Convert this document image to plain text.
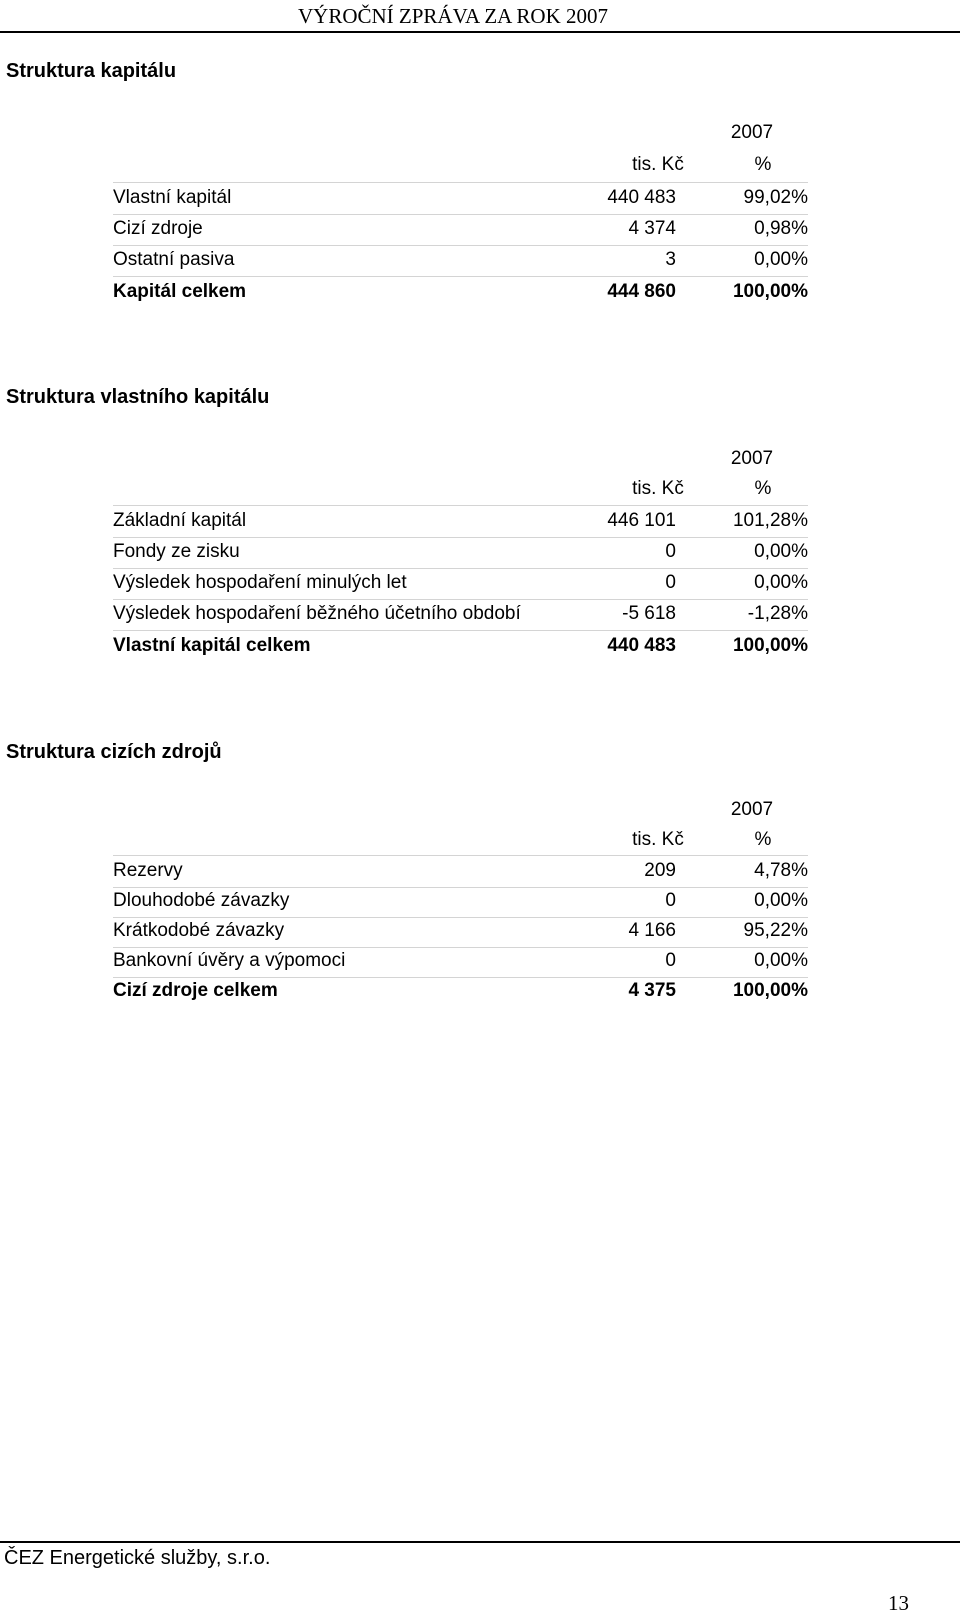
VÝROČNÍ ZPRÁVA ZA ROK 2007
Struktura kapitálu
2007
tis. Kč	%
Vlastní kapitál	440 483	99,02%
Cizí zdroje	4 374	0,98%
Ostatní pasiva	3	0,00%
Kapitál celkem	444 860	100,00%
Struktura vlastního kapitálu
2007
tis. Kč	%
Základní kapitál	446 101	101,28%
Fondy ze zisku	0	0,00%
Výsledek hospodaření minulých let	0	0,00%
Výsledek hospodaření běžného účetního období	-5 618	-1,28%
Vlastní kapitál celkem	440 483	100,00%
Struktura cizích zdrojů
2007
tis. Kč	%
Rezervy	209	4,78%
Dlouhodobé závazky	0	0,00%
Krátkodobé závazky	4 166	95,22%
Bankovní úvěry a výpomoci	0	0,00%
Cizí zdroje celkem	4 375	100,00%
ČEZ Energetické služby, s.r.o.
13
